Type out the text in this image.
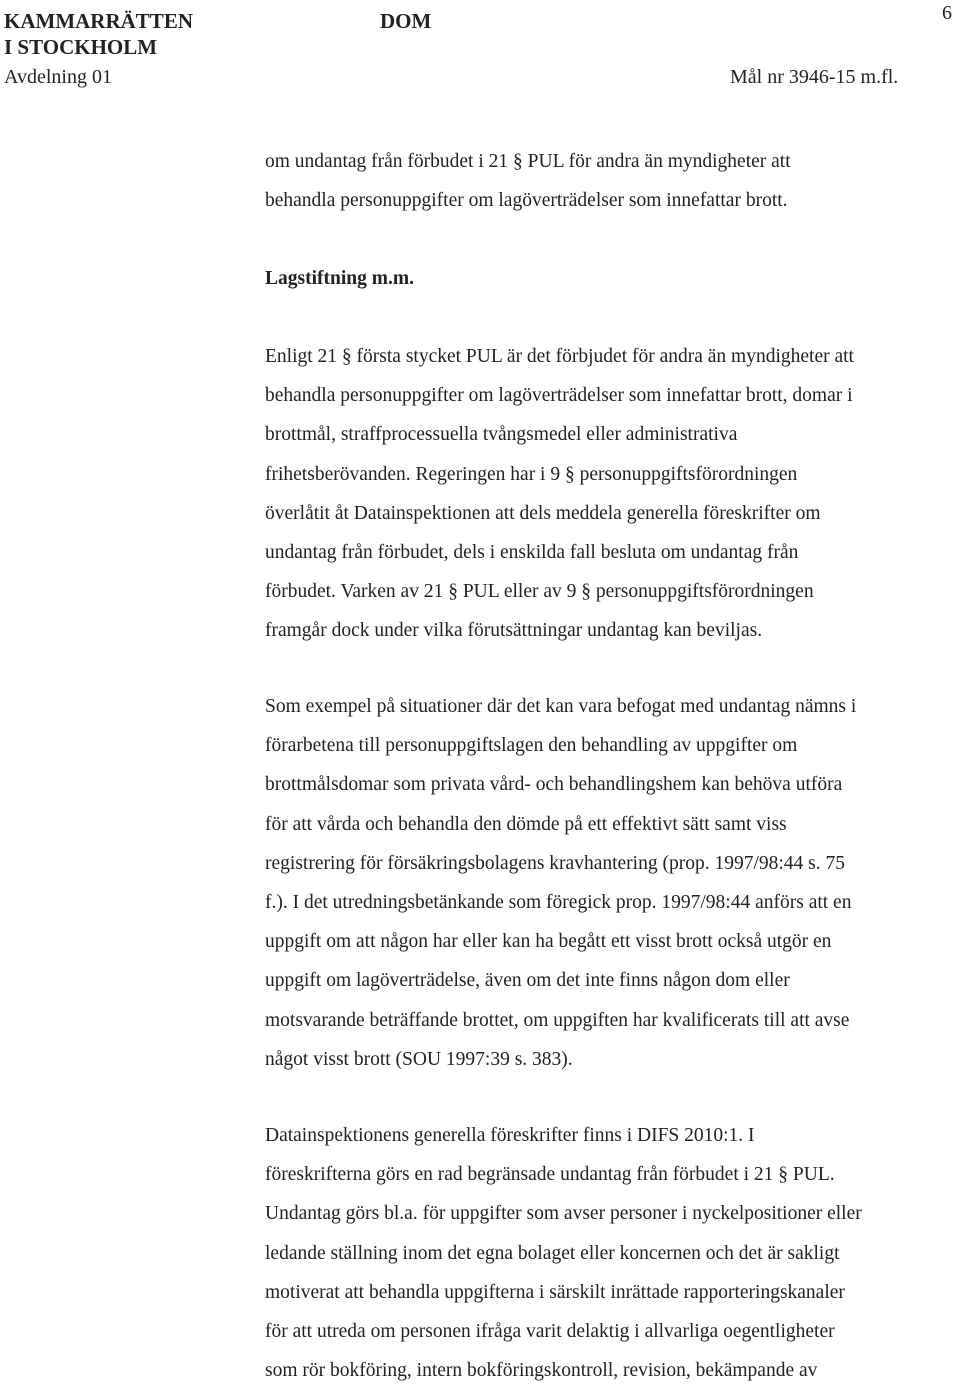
KAMMARRÄTTEN
I STOCKHOLM
Avdelning 01
DOM
Mål nr 3946-15 m.fl.
6

om undantag från förbudet i 21 § PUL för andra än myndigheter att

behandla personuppgifter om lagöverträdelser som innefattar brott.

Lagstiftning m.m.

Enligt 21 § första stycket PUL är det förbjudet för andra än myndigheter att

behandla personuppgifter om lagöverträdelser som innefattar brott, domar i

brottmål, straffprocessuella tvångsmedel eller administrativa

frihetsberövanden. Regeringen har i 9 § personuppgiftsförordningen

överlåtit åt Datainspektionen att dels meddela generella föreskrifter om

undantag från förbudet, dels i enskilda fall besluta om undantag från

förbudet. Varken av 21 § PUL eller av 9 § personuppgiftsförordningen

framgår dock under vilka förutsättningar undantag kan beviljas.

Som exempel på situationer där det kan vara befogat med undantag nämns i

förarbetena till personuppgiftslagen den behandling av uppgifter om

brottmålsdomar som privata vård- och behandlingshem kan behöva utföra

för att vårda och behandla den dömde på ett effektivt sätt samt viss

registrering för försäkringsbolagens kravhantering (prop. 1997/98:44 s. 75

f.). I det utredningsbetänkande som föregick prop. 1997/98:44 anförs att en

uppgift om att någon har eller kan ha begått ett visst brott också utgör en

uppgift om lagöverträdelse, även om det inte finns någon dom eller

motsvarande beträffande brottet, om uppgiften har kvalificerats till att avse

något visst brott (SOU 1997:39 s. 383).

Datainspektionens generella föreskrifter finns i DIFS 2010:1. I

föreskrifterna görs en rad begränsade undantag från förbudet i 21 § PUL.

Undantag görs bl.a. för uppgifter som avser personer i nyckelpositioner eller

ledande ställning inom det egna bolaget eller koncernen och det är sakligt

motiverat att behandla uppgifterna i särskilt inrättade rapporteringskanaler

för att utreda om personen ifråga varit delaktig i allvarliga oegentligheter

som rör bokföring, intern bokföringskontroll, revision, bekämpande av
